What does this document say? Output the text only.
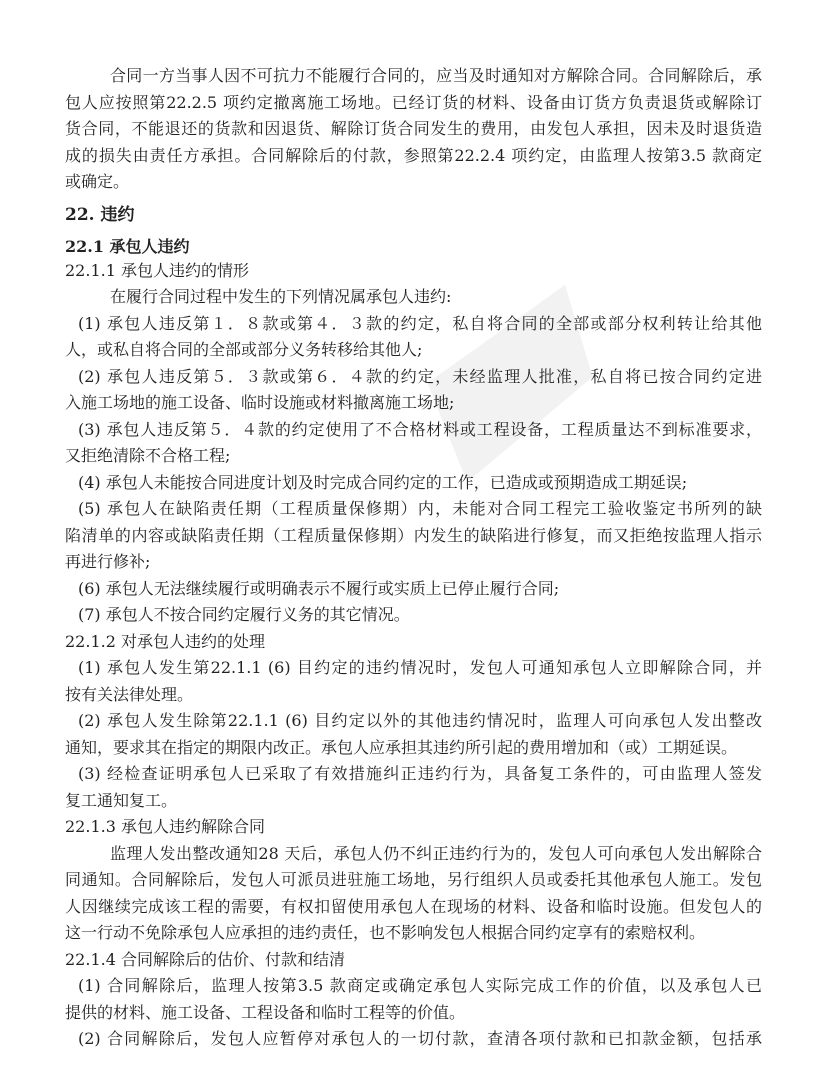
合同一方当事人因不可抗力不能履行合同的，应当及时通知对方解除合同。合同解除后，承
包人应按照第22.2.5 项约定撤离施工场地。已经订货的材料、设备由订货方负责退货或解除订
货合同，不能退还的货款和因退货、解除订货合同发生的费用，由发包人承担，因未及时退货造
成的损失由责任方承担。合同解除后的付款，参照第22.2.4 项约定，由监理人按第3.5 款商定
或确定。
22. 违约
22.1 承包人违约
22.1.1 承包人违约的情形
在履行合同过程中发生的下列情况属承包人违约:
(1) 承包人违反第１．８款或第４．３款的约定，私自将合同的全部或部分权利转让给其他
人，或私自将合同的全部或部分义务转移给其他人;
(2) 承包人违反第５．３款或第６．４款的约定，未经监理人批准，私自将已按合同约定进
入施工场地的施工设备、临时设施或材料撤离施工场地;
(3) 承包人违反第５．４款的约定使用了不合格材料或工程设备，工程质量达不到标准要求，
又拒绝清除不合格工程;
(4) 承包人未能按合同进度计划及时完成合同约定的工作，已造成或预期造成工期延误;
(5) 承包人在缺陷责任期（工程质量保修期）内，未能对合同工程完工验收鉴定书所列的缺
陷清单的内容或缺陷责任期（工程质量保修期）内发生的缺陷进行修复，而又拒绝按监理人指示
再进行修补;
(6) 承包人无法继续履行或明确表示不履行或实质上已停止履行合同;
(7) 承包人不按合同约定履行义务的其它情况。
22.1.2 对承包人违约的处理
(1) 承包人发生第22.1.1 (6) 目约定的违约情况时，发包人可通知承包人立即解除合同，并
按有关法律处理。
(2) 承包人发生除第22.1.1 (6) 目约定以外的其他违约情况时，监理人可向承包人发出整改
通知，要求其在指定的期限内改正。承包人应承担其违约所引起的费用增加和（或）工期延误。
(3) 经检查证明承包人已采取了有效措施纠正违约行为，具备复工条件的，可由监理人签发
复工通知复工。
22.1.3 承包人违约解除合同
监理人发出整改通知28 天后，承包人仍不纠正违约行为的，发包人可向承包人发出解除合
同通知。合同解除后，发包人可派员进驻施工场地，另行组织人员或委托其他承包人施工。发包
人因继续完成该工程的需要，有权扣留使用承包人在现场的材料、设备和临时设施。但发包人的
这一行动不免除承包人应承担的违约责任，也不影响发包人根据合同约定享有的索赔权利。
22.1.4 合同解除后的估价、付款和结清
(1) 合同解除后，监理人按第3.5 款商定或确定承包人实际完成工作的价值，以及承包人已
提供的材料、施工设备、工程设备和临时工程等的价值。
(2) 合同解除后，发包人应暂停对承包人的一切付款，查清各项付款和已扣款金额，包括承
